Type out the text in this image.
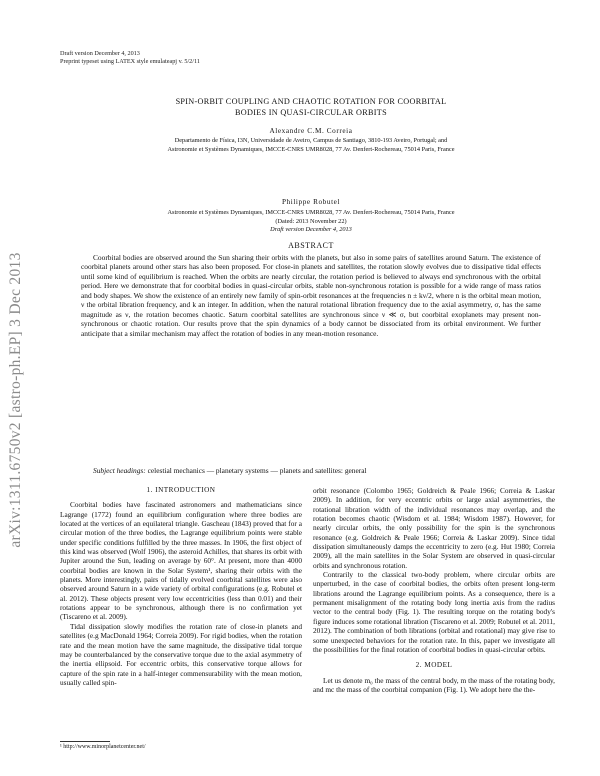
arXiv:1311.6750v2 [astro-ph.EP] 3 Dec 2013
Draft version December 4, 2013
Preprint typeset using LATEX style emulateapj v. 5/2/11
SPIN-ORBIT COUPLING AND CHAOTIC ROTATION FOR COORBITAL
BODIES IN QUASI-CIRCULAR ORBITS
Alexandre C.M. Correia
Departamento de Física, I3N, Universidade de Aveiro, Campus de Santiago, 3810-193 Aveiro, Portugal; and
Astronomie et Systèmes Dynamiques, IMCCE-CNRS UMR8028, 77 Av. Denfert-Rochereau, 75014 Paris, France
Philippe Robutel
Astronomie et Systèmes Dynamiques, IMCCE-CNRS UMR8028, 77 Av. Denfert-Rochereau, 75014 Paris, France
(Dated: 2013 November 22)
Draft version December 4, 2013
ABSTRACT
Coorbital bodies are observed around the Sun sharing their orbits with the planets, but also in some pairs of satellites around Saturn. The existence of coorbital planets around other stars has also been proposed. For close-in planets and satellites, the rotation slowly evolves due to dissipative tidal effects until some kind of equilibrium is reached. When the orbits are nearly circular, the rotation period is believed to always end synchronous with the orbital period. Here we demonstrate that for coorbital bodies in quasi-circular orbits, stable non-synchronous rotation is possible for a wide range of mass ratios and body shapes. We show the existence of an entirely new family of spin-orbit resonances at the frequencies n ± kν/2, where n is the orbital mean motion, ν the orbital libration frequency, and k an integer. In addition, when the natural rotational libration frequency due to the axial asymmetry, σ, has the same magnitude as ν, the rotation becomes chaotic. Saturn coorbital satellites are synchronous since ν ≪ σ, but coorbital exoplanets may present non-synchronous or chaotic rotation. Our results prove that the spin dynamics of a body cannot be dissociated from its orbital environment. We further anticipate that a similar mechanism may affect the rotation of bodies in any mean-motion resonance.
Subject headings: celestial mechanics — planetary systems — planets and satellites: general
1. INTRODUCTION

Coorbital bodies have fascinated astronomers and mathematicians since Lagrange (1772) found an equilibrium configuration where three bodies are located at the vertices of an equilateral triangle. Gascheau (1843) proved that for a circular motion of the three bodies, the Lagrange equilibrium points were stable under specific conditions fulfilled by the three masses. In 1906, the first object of this kind was observed (Wolf 1906), the asteroid Achilles, that shares its orbit with Jupiter around the Sun, leading on average by 60°. At present, more than 4000 coorbital bodies are known in the Solar System¹, sharing their orbits with the planets. More interestingly, pairs of tidally evolved coorbital satellites were also observed around Saturn in a wide variety of orbital configurations (e.g. Robutel et al. 2012). These objects present very low eccentricities (less than 0.01) and their rotations appear to be synchronous, although there is no confirmation yet (Tiscareno et al. 2009).

Tidal dissipation slowly modifies the rotation rate of close-in planets and satellites (e.g MacDonald 1964; Correia 2009). For rigid bodies, when the rotation rate and the mean motion have the same magnitude, the dissipative tidal torque may be counterbalanced by the conservative torque due to the axial asymmetry of the inertia ellipsoid. For eccentric orbits, this conservative torque allows for capture of the spin rate in a half-integer commensurability with the mean motion, usually called spin-

¹ http://www.minorplanetcenter.net/

orbit resonance (Colombo 1965; Goldreich & Peale 1966; Correia & Laskar 2009). In addition, for very eccentric orbits or large axial asymmetries, the rotational libration width of the individual resonances may overlap, and the rotation becomes chaotic (Wisdom et al. 1984; Wisdom 1987). However, for nearly circular orbits, the only possibility for the spin is the synchronous resonance (e.g. Goldreich & Peale 1966; Correia & Laskar 2009). Since tidal dissipation simultaneously damps the eccentricity to zero (e.g. Hut 1980; Correia 2009), all the main satellites in the Solar System are observed in quasi-circular orbits and synchronous rotation.

Contrarily to the classical two-body problem, where circular orbits are unperturbed, in the case of coorbital bodies, the orbits often present long-term librations around the Lagrange equilibrium points. As a consequence, there is a permanent misalignment of the rotating body long inertia axis from the radius vector to the central body (Fig. 1). The resulting torque on the rotating body's figure induces some rotational libration (Tiscareno et al. 2009; Robutel et al. 2011, 2012). The combination of both librations (orbital and rotational) may give rise to some unexpected behaviors for the rotation rate. In this, paper we investigate all the possibilities for the final rotation of coorbital bodies in quasi-circular orbits.

2. MODEL

Let us denote m₀ the mass of the central body, m the mass of the rotating body, and mc the mass of the coorbital companion (Fig. 1). We adopt here the the-
